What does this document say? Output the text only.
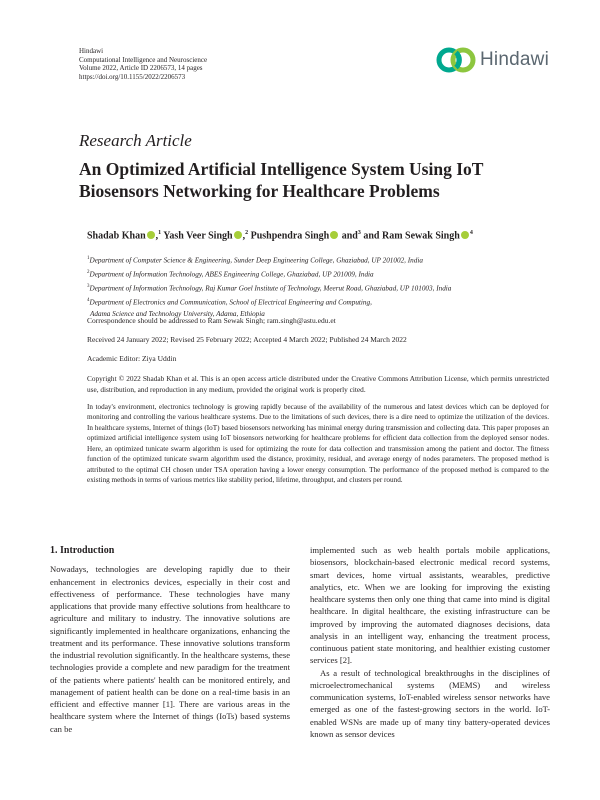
Hindawi
Computational Intelligence and Neuroscience
Volume 2022, Article ID 2206573, 14 pages
https://doi.org/10.1155/2022/2206573
Hindawi
Research Article
An Optimized Artificial Intelligence System Using IoT Biosensors Networking for Healthcare Problems
Shadab Khan ,$^1$ Yash Veer Singh ,$^2$ Pushpendra Singh and$^3$ and Ram Sewak Singh $^4$
$^1$Department of Computer Science & Engineering, Sunder Deep Engineering College, Ghaziabad, UP 201002, India
$^2$Department of Information Technology, ABES Engineering College, Ghaziabad, UP 201009, India
$^3$Department of Information Technology, Raj Kumar Goel Institute of Technology, Meerut Road, Ghaziabad, UP 101003, India
$^4$Department of Electronics and Communication, School of Electrical Engineering and Computing,
Adama Science and Technology University, Adama, Ethiopia
Correspondence should be addressed to Ram Sewak Singh; ram.singh@astu.edu.et
Received 24 January 2022; Revised 25 February 2022; Accepted 4 March 2022; Published 24 March 2022
Academic Editor: Ziya Uddin
Copyright © 2022 Shadab Khan et al. This is an open access article distributed under the Creative Commons Attribution License, which permits unrestricted use, distribution, and reproduction in any medium, provided the original work is properly cited.
In today's environment, electronics technology is growing rapidly because of the availability of the numerous and latest devices which can be deployed for monitoring and controlling the various healthcare systems. Due to the limitations of such devices, there is a dire need to optimize the utilization of the devices. In healthcare systems, Internet of things (IoT) based biosensors networking has minimal energy during transmission and collecting data. This paper proposes an optimized artificial intelligence system using IoT biosensors networking for healthcare problems for efficient data collection from the deployed sensor nodes. Here, an optimized tunicate swarm algorithm is used for optimizing the route for data collection and transmission among the patient and doctor. The fitness function of the optimized tunicate swarm algorithm used the distance, proximity, residual, and average energy of nodes parameters. The proposed method is attributed to the optimal CH chosen under TSA operation having a lower energy consumption. The performance of the proposed method is compared to the existing methods in terms of various metrics like stability period, lifetime, throughput, and clusters per round.
1. Introduction

Nowadays, technologies are developing rapidly due to their enhancement in electronics devices, especially in their cost and effectiveness of performance. These technologies have many applications that provide many effective solutions from healthcare to agriculture and military to industry. The innovative solutions are significantly implemented in healthcare organizations, enhancing the treatment and its performance. These innovative solutions transform the industrial revolution significantly. In the healthcare systems, these technologies provide a complete and new paradigm for the treatment of the patients where patients' health can be monitored entirely, and management of patient health can be done on a real-time basis in an efficient and effective manner [1]. There are various areas in the healthcare system where the Internet of things (IoTs) based systems can be

implemented such as web health portals mobile applications, biosensors, blockchain-based electronic medical record systems, smart devices, home virtual assistants, wearables, predictive analytics, etc. When we are looking for improving the existing healthcare systems then only one thing that came into mind is digital healthcare. In digital healthcare, the existing infrastructure can be improved by improving the automated diagnoses decisions, data analysis in an intelligent way, enhancing the treatment process, continuous patient state monitoring, and healthier existing customer services [2].

As a result of technological breakthroughs in the disciplines of microelectromechanical systems (MEMS) and wireless communication systems, IoT-enabled wireless sensor networks have emerged as one of the fastest-growing sectors in the world. IoT-enabled WSNs are made up of many tiny battery-operated devices known as sensor devices
